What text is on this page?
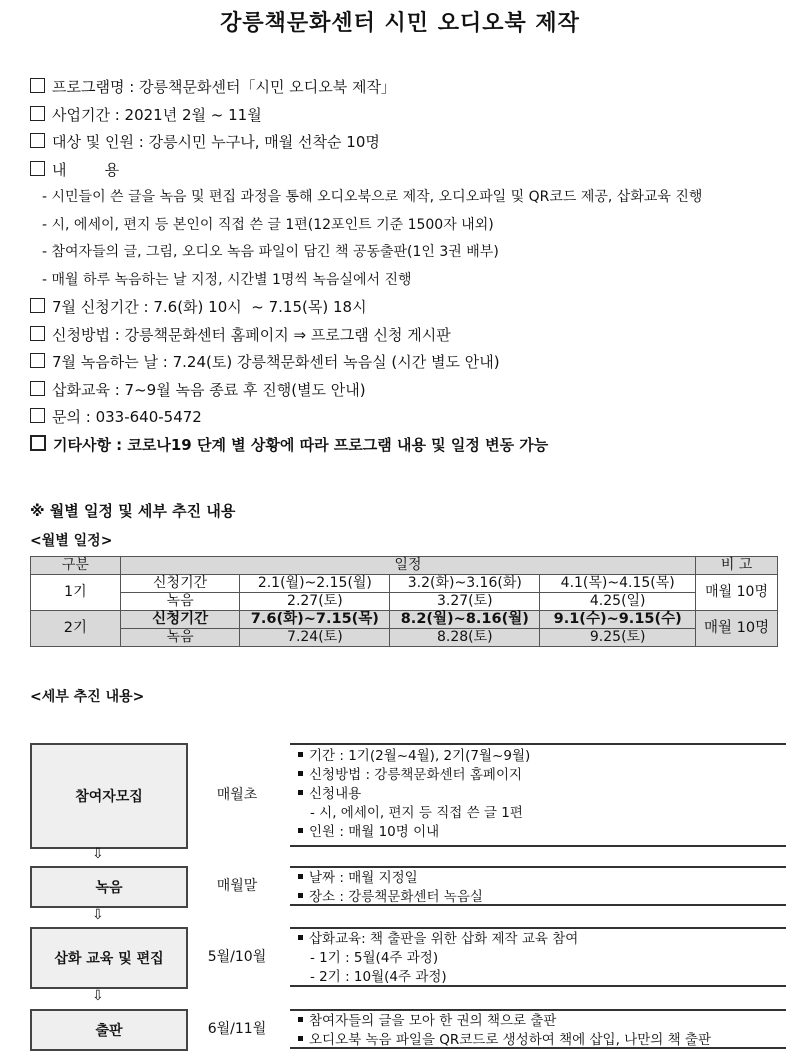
강릉책문화센터 시민 오디오북 제작
프로그램명 : 강릉책문화센터「시민 오디오북 제작」
사업기간 : 2021년 2월 ~ 11월
대상 및 인원 : 강릉시민 누구나, 매월 선착순 10명
내        용
- 시민들이 쓴 글을 녹음 및 편집 과정을 통해 오디오북으로 제작, 오디오파일 및 QR코드 제공, 삽화교육 진행
- 시, 에세이, 편지 등 본인이 직접 쓴 글 1편(12포인트 기준 1500자 내외)
- 참여자들의 글, 그림, 오디오 녹음 파일이 담긴 책 공동출판(1인 3권 배부)
- 매월 하루 녹음하는 날 지정, 시간별 1명씩 녹음실에서 진행
7월 신청기간 : 7.6(화) 10시  ~ 7.15(목) 18시
신청방법 : 강릉책문화센터 홈페이지 ⇒ 프로그램 신청 게시판
7월 녹음하는 날 : 7.24(토) 강릉책문화센터 녹음실 (시간 별도 안내)
삽화교육 : 7~9월 녹음 종료 후 진행(별도 안내)
문의 : 033-640-5472
기타사항 : 코로나19 단계 별 상황에 따라 프로그램 내용 및 일정 변동 가능
※ 월별 일정 및 세부 추진 내용
<월별 일정>
구분	일정				비 고
1기	신청기간	2.1(월)~2.15(월)	3.2(화)~3.16(화)	4.1(목)~4.15(목)	매월 10명
	녹음	2.27(토)	3.27(토)	4.25(일)	
2기	신청기간	7.6(화)~7.15(목)	8.2(월)~8.16(월)	9.1(수)~9.15(수)	매월 10명
	녹음	7.24(토)	8.28(토)	9.25(토)	
<세부 추진 내용>
참여자모집	매월초
기간 : 1기(2월~4월), 2기(7월~9월)
신청방법 : 강릉책문화센터 홈페이지
신청내용
- 시, 에세이, 편지 등 직접 쓴 글 1편
인원 : 매월 10명 이내
⇩
녹음	매월말	날짜 : 매월 지정일
장소 : 강릉책문화센터 녹음실
⇩
삽화 교육 및 편집	5월/10월
삽화교육: 책 출판을 위한 삽화 제작 교육 참여
- 1기 : 5월(4주 과정)
- 2기 : 10월(4주 과정)
⇩
출판	6월/11월	참여자들의 글을 모아 한 권의 책으로 출판
오디오북 녹음 파일을 QR코드로 생성하여 책에 삽입, 나만의 책 출판
